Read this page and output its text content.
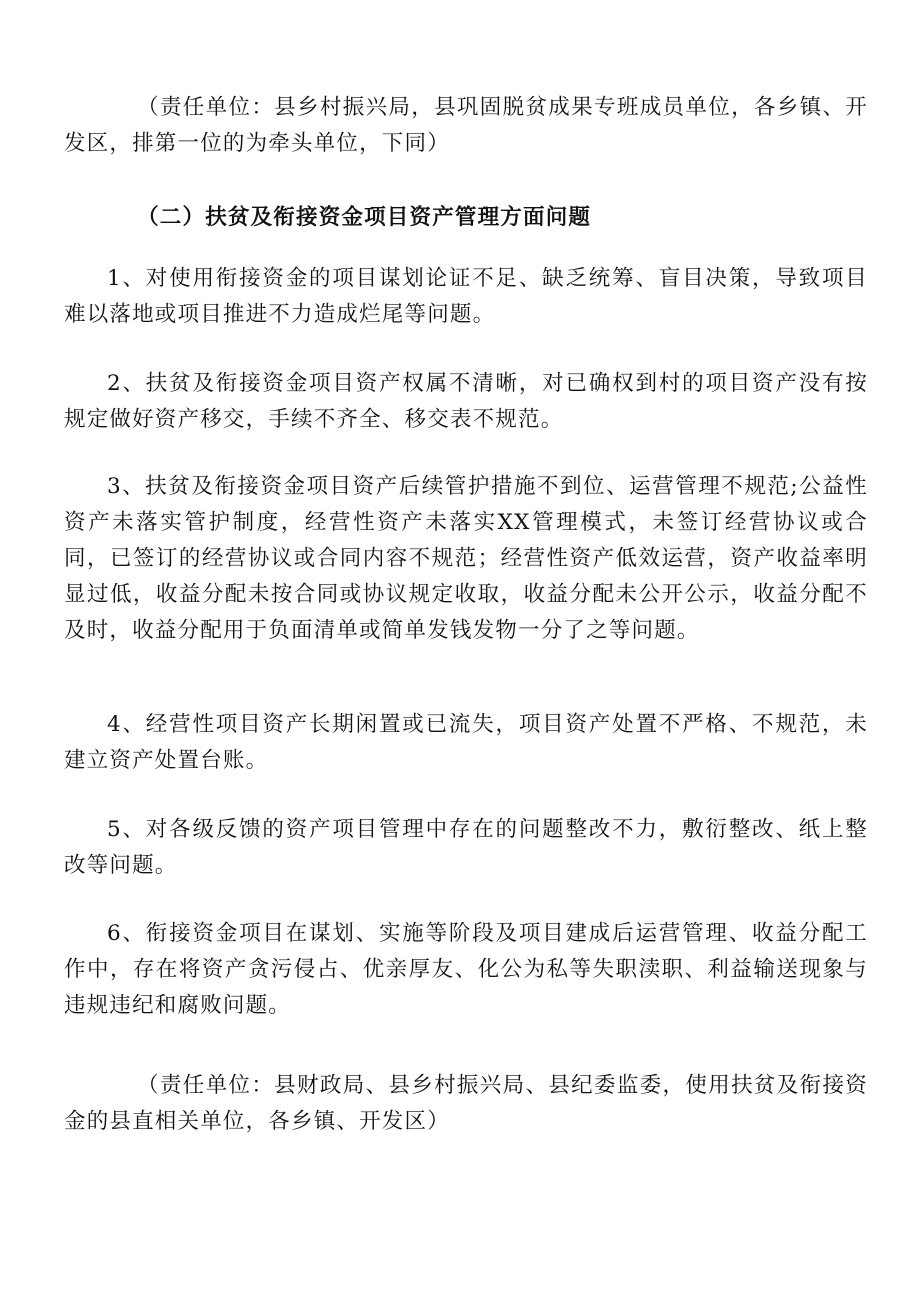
（责任单位：县乡村振兴局，县巩固脱贫成果专班成员单位，各乡镇、开发区，排第一位的为牵头单位，下同）

（二）扶贫及衔接资金项目资产管理方面问题

1、对使用衔接资金的项目谋划论证不足、缺乏统筹、盲目决策，导致项目难以落地或项目推进不力造成烂尾等问题。

2、扶贫及衔接资金项目资产权属不清晰，对已确权到村的项目资产没有按规定做好资产移交，手续不齐全、移交表不规范。

3、扶贫及衔接资金项目资产后续管护措施不到位、运营管理不规范;公益性资产未落实管护制度，经营性资产未落实XX管理模式，未签订经营协议或合同，已签订的经营协议或合同内容不规范；经营性资产低效运营，资产收益率明显过低，收益分配未按合同或协议规定收取，收益分配未公开公示，收益分配不及时，收益分配用于负面清单或简单发钱发物一分了之等问题。

4、经营性项目资产长期闲置或已流失，项目资产处置不严格、不规范，未建立资产处置台账。

5、对各级反馈的资产项目管理中存在的问题整改不力，敷衍整改、纸上整改等问题。

6、衔接资金项目在谋划、实施等阶段及项目建成后运营管理、收益分配工作中，存在将资产贪污侵占、优亲厚友、化公为私等失职渎职、利益输送现象与违规违纪和腐败问题。

（责任单位：县财政局、县乡村振兴局、县纪委监委，使用扶贫及衔接资金的县直相关单位，各乡镇、开发区）
